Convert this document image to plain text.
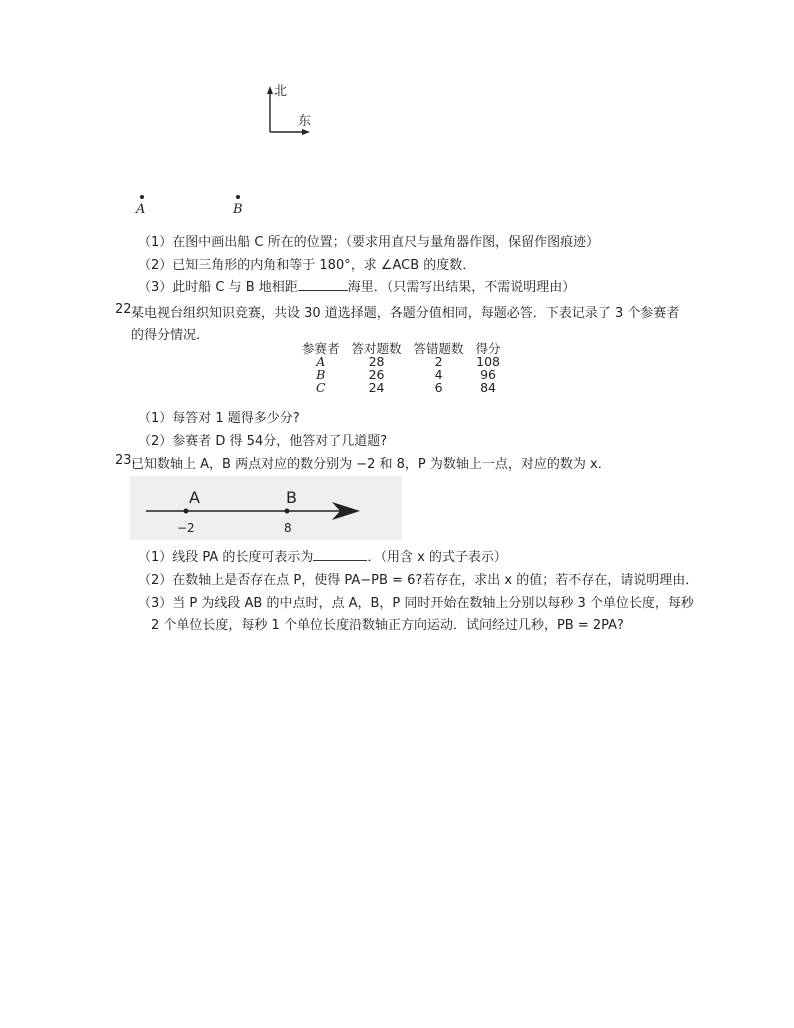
北
东
A	B
（1）在图中画出船 C 所在的位置；（要求用直尺与量角器作图，保留作图痕迹）
（2）已知三角形的内角和等于 180°，求 ∠ACB 的度数．
（3）此时船 C 与 B 地相距	海里．（只需写出结果，不需说明理由）
22.
某电视台组织知识竞赛，共设 30 道选择题，各题分值相同，每题必答．下表记录了 3 个参赛者
的得分情况．
参赛者	答对题数	答错题数	得分
A	28	2	108
B	26	4	96
C	24	6	84
（1）每答对 1 题得多少分?
（2）参赛者 D 得 54分，他答对了几道题?
23.
已知数轴上 A，B 两点对应的数分别为 −2 和 8，P 为数轴上一点，对应的数为 x．
A	B
−2	8
（1）线段 PA 的长度可表示为	．（用含 x 的式子表示）
（2）在数轴上是否存在点 P，使得 PA−PB = 6?若存在，求出 x 的值；若不存在，请说明理由．
（3）当 P 为线段 AB 的中点时，点 A，B，P 同时开始在数轴上分别以每秒 3 个单位长度，每秒
2 个单位长度，每秒 1 个单位长度沿数轴正方向运动．试问经过几秒，PB = 2PA?
